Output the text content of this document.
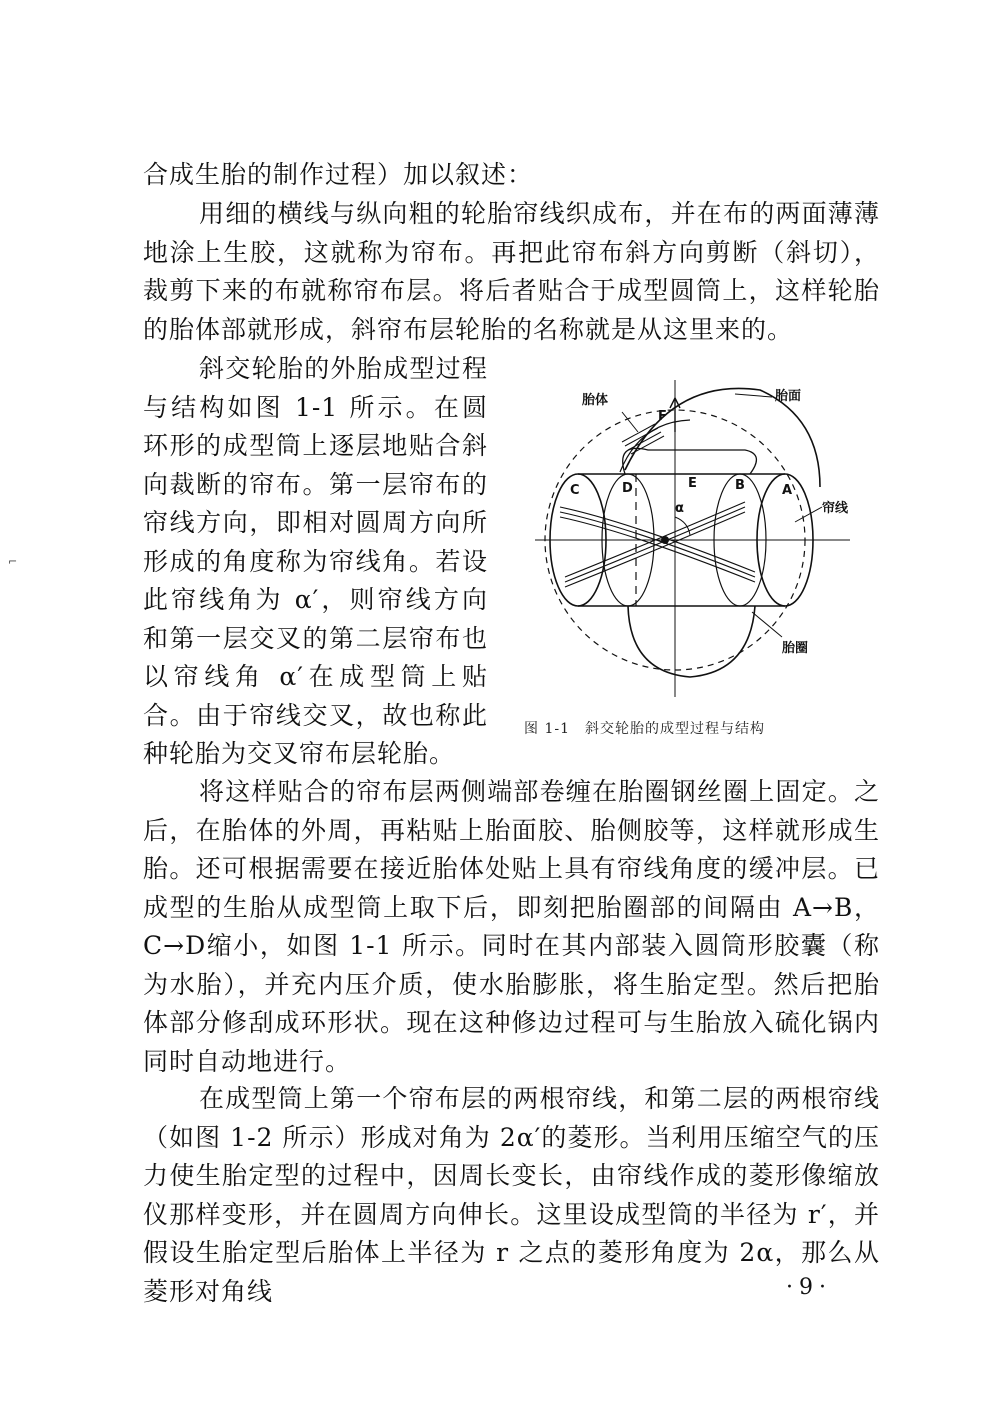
合成生胎的制作过程）加以叙述：

用细的横线与纵向粗的轮胎帘线织成布，并在布的两面薄薄地涂上生胶，这就称为帘布。再把此帘布斜方向剪断（斜切），裁剪下来的布就称帘布层。将后者贴合于成型圆筒上，这样轮胎的胎体部就形成，斜帘布层轮胎的名称就是从这里来的。

斜交轮胎的外胎成型过程与结构如图 1-1 所示。在圆环形的成型筒上逐层地贴合斜向裁断的帘布。第一层帘布的帘线方向，即相对圆周方向所形成的角度称为帘线角。若设此帘线角为 α′，则帘线方向和第一层交叉的第二层帘布也以帘线角 α′在成型筒上贴合。由于帘线交叉，故也称此种轮胎为交叉帘布层轮胎。

将这样贴合的帘布层两侧端部卷缠在胎圈钢丝圈上固定。之后，在胎体的外周，再粘贴上胎面胶、胎侧胶等，这样就形成生胎。还可根据需要在接近胎体处贴上具有帘线角度的缓冲层。已成型的生胎从成型筒上取下后，即刻把胎圈部的间隔由 A→B，C→D缩小，如图 1-1 所示。同时在其内部装入圆筒形胶囊（称为水胎），并充内压介质，使水胎膨胀，将生胎定型。然后把胎体部分修刮成环形状。现在这种修边过程可与生胎放入硫化锅内同时自动地进行。

在成型筒上第一个帘布层的两根帘线，和第二层的两根帘线（如图 1-2 所示）形成对角为 2α′的菱形。当利用压缩空气的压力使生胎定型的过程中，因周长变长，由帘线作成的菱形像缩放仪那样变形，并在圆周方向伸长。这里设成型筒的半径为 r′，并假设生胎定型后胎体上半径为 r 之点的菱形角度为 2α，那么从菱形对角线

胎体	胎面
帘线
胎圈
F
A
B
C	D	E
α
图 1-1　斜交轮胎的成型过程与结构
·9·
⌐
